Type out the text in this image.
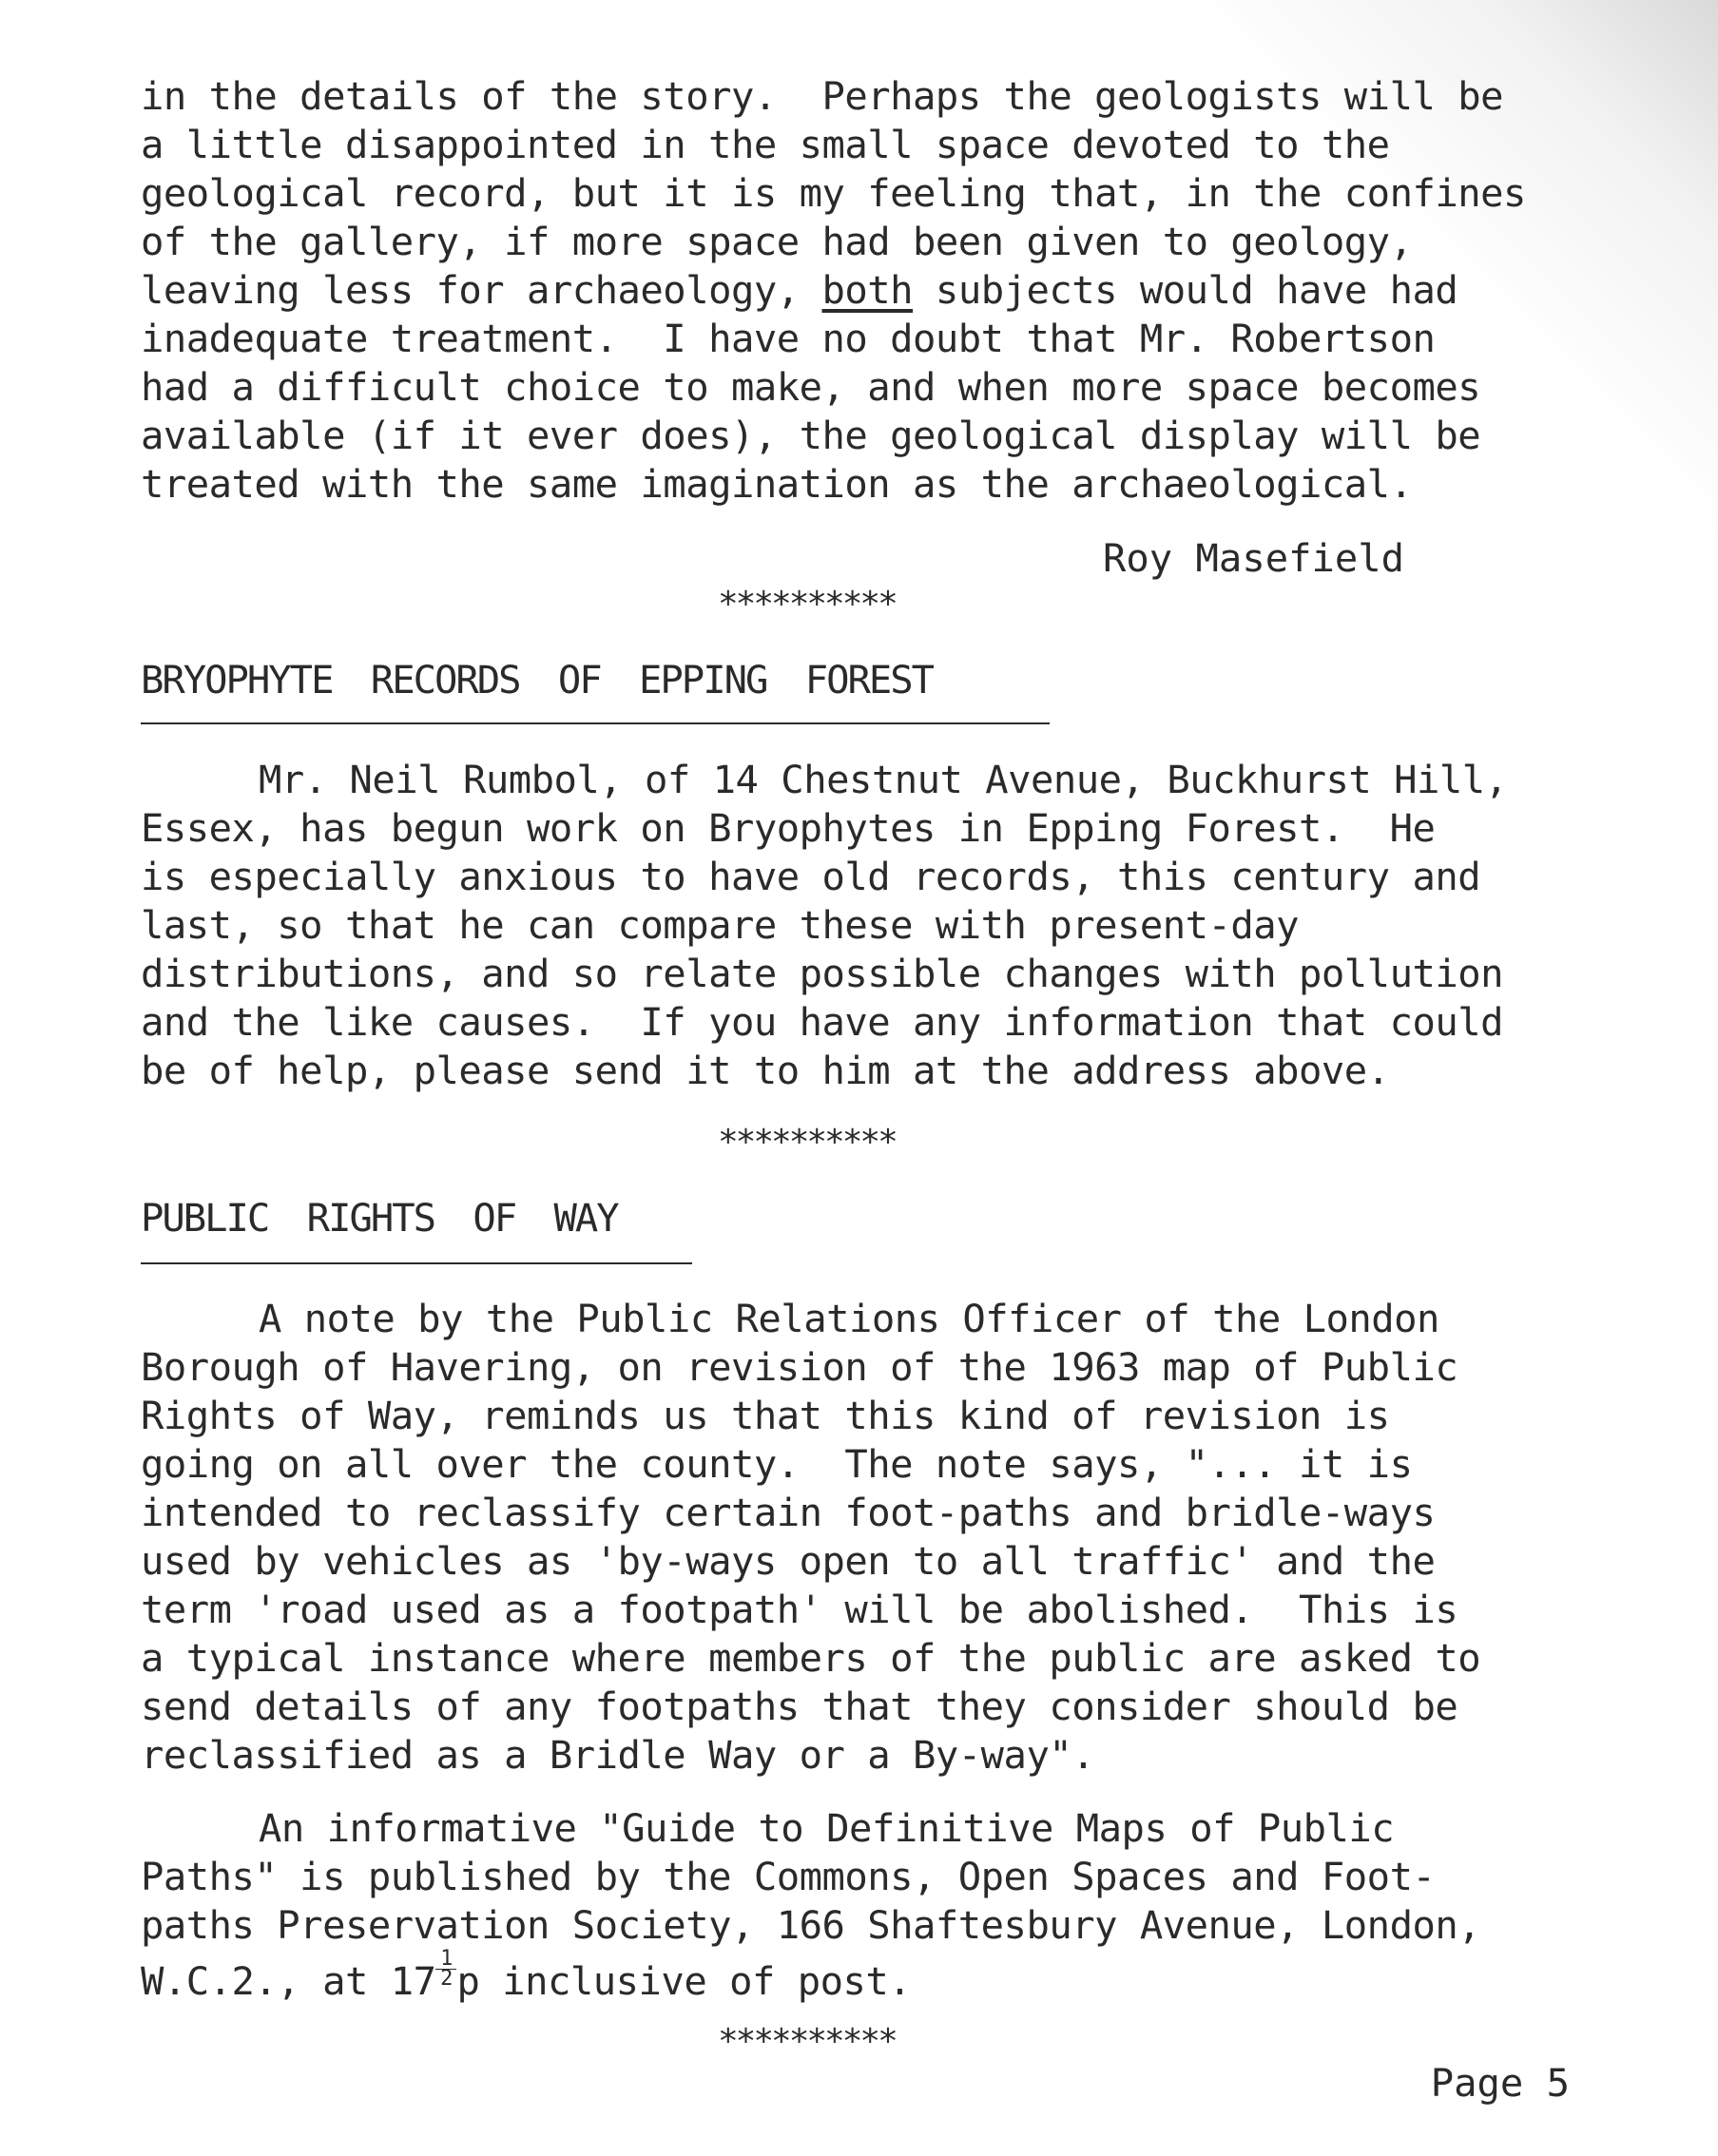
in the details of the story.  Perhaps the geologists will be
a little disappointed in the small space devoted to the
geological record, but it is my feeling that, in the confines
of the gallery, if more space had been given to geology,
leaving less for archaeology, both subjects would have had
inadequate treatment.  I have no doubt that Mr. Robertson
had a difficult choice to make, and when more space becomes
available (if it ever does), the geological display will be
treated with the same imagination as the archaeological.
Roy Masefield
**********
BRYOPHYTE RECORDS OF EPPING FOREST
Mr. Neil Rumbol, of 14 Chestnut Avenue, Buckhurst Hill,
Essex, has begun work on Bryophytes in Epping Forest.  He
is especially anxious to have old records, this century and
last, so that he can compare these with present-day
distributions, and so relate possible changes with pollution
and the like causes.  If you have any information that could
be of help, please send it to him at the address above.
**********
PUBLIC RIGHTS OF WAY
A note by the Public Relations Officer of the London
Borough of Havering, on revision of the 1963 map of Public
Rights of Way, reminds us that this kind of revision is
going on all over the county.  The note says, "... it is
intended to reclassify certain foot-paths and bridle-ways
used by vehicles as 'by-ways open to all traffic' and the
term 'road used as a footpath' will be abolished.  This is
a typical instance where members of the public are asked to
send details of any footpaths that they consider should be
reclassified as a Bridle Way or a By-way".
An informative "Guide to Definitive Maps of Public
Paths" is published by the Commons, Open Spaces and Foot-
paths Preservation Society, 166 Shaftesbury Avenue, London,
W.C.2., at $17 \frac{1}{2}$ p inclusive of post.
**********
Page 5
